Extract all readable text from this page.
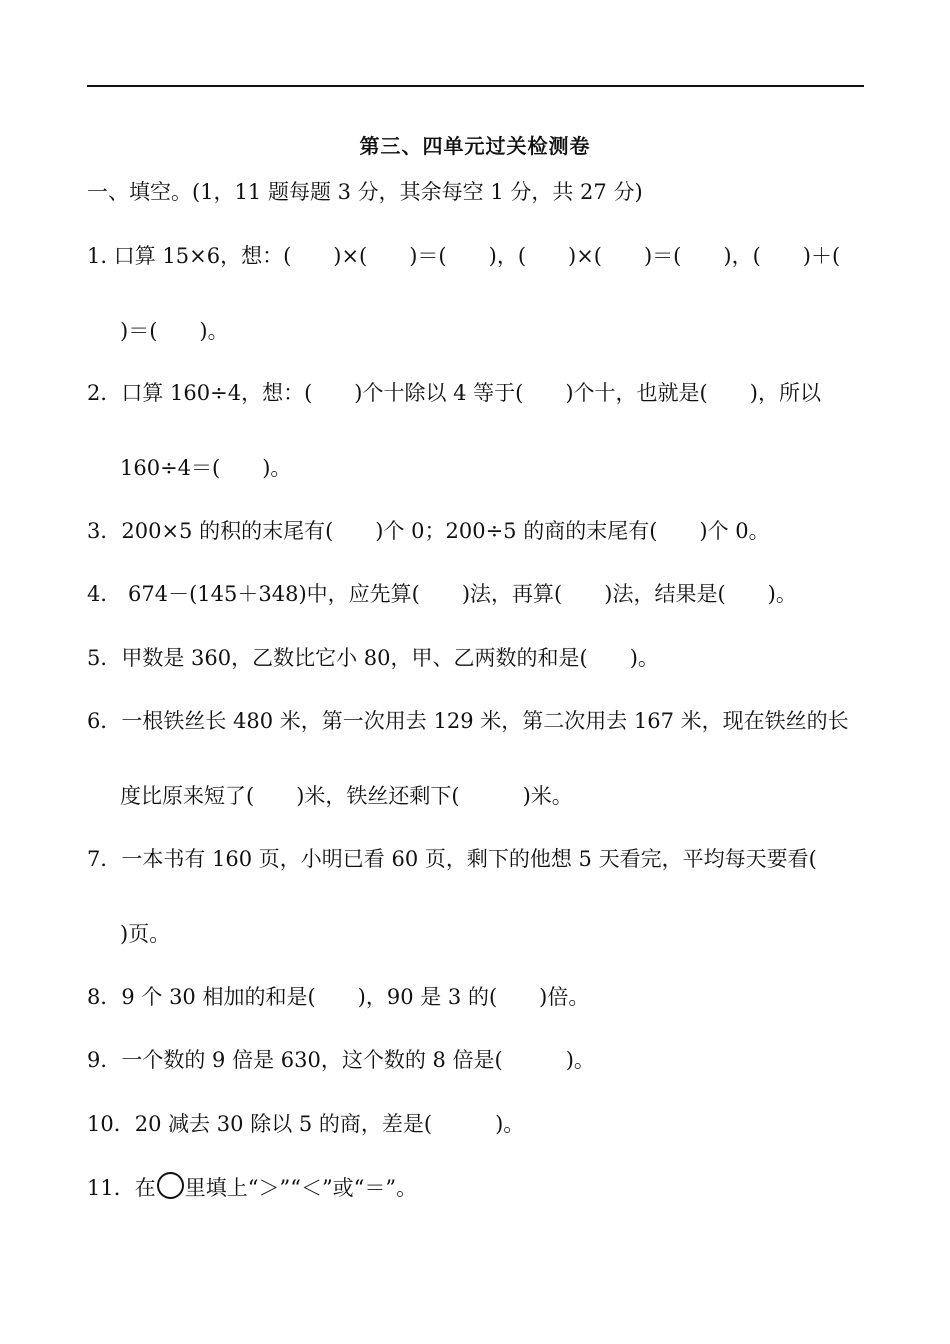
第三、四单元过关检测卷
一、填空。(1，11 题每题 3 分，其余每空 1 分，共 27 分)
1. 口算 15×6，想：(　　)×(　　)＝(　　)，(　　)×(　　)＝(　　)，(　　)＋(
)＝(　　)。
2．口算 160÷4，想：(　　)个十除以 4 等于(　　)个十，也就是(　　)，所以
160÷4＝(　　)。
3．200×5 的积的末尾有(　　)个 0；200÷5 的商的末尾有(　　)个 0。
4． 674－(145＋348)中，应先算(　　)法，再算(　　)法，结果是(　　)。
5．甲数是 360，乙数比它小 80，甲、乙两数的和是(　　)。
6．一根铁丝长 480 米，第一次用去 129 米，第二次用去 167 米，现在铁丝的长
度比原来短了(　　)米，铁丝还剩下(　　　)米。
7．一本书有 160 页，小明已看 60 页，剩下的他想 5 天看完，平均每天要看(
)页。
8．9 个 30 相加的和是(　　)，90 是 3 的(　　)倍。
9．一个数的 9 倍是 630，这个数的 8 倍是(　　　)。
10．20 减去 30 除以 5 的商，差是(　　　)。
11．在 里填上“＞”“＜”或“＝”。
